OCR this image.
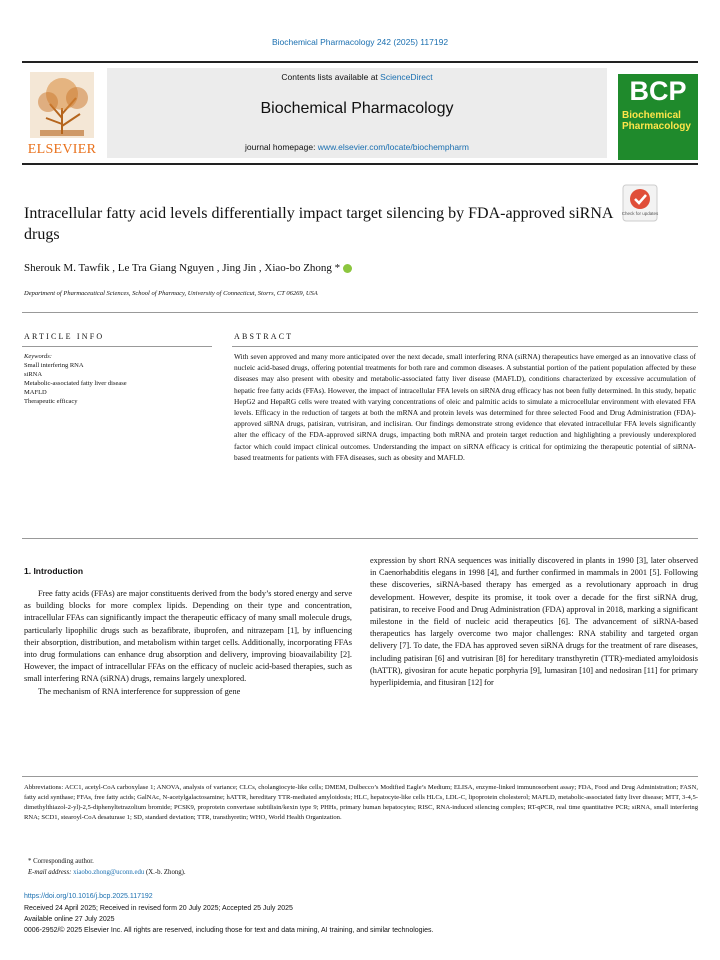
Biochemical Pharmacology 242 (2025) 117192
ELSEVIER
Contents lists available at ScienceDirect
Biochemical Pharmacology
journal homepage: www.elsevier.com/locate/biochempharm
BCP
Biochemical
Pharmacology
Check for updates
Intracellular fatty acid levels differentially impact target silencing by FDA-approved siRNA drugs
Sherouk M. Tawfik , Le Tra Giang Nguyen , Jing Jin , Xiao-bo Zhong *
Department of Pharmaceutical Sciences, School of Pharmacy, University of Connecticut, Storrs, CT 06269, USA
ARTICLE INFO	ABSTRACT
Keywords:
Small interfering RNA
siRNA
Metabolic-associated fatty liver disease
MAFLD
Therapeutic efficacy
With seven approved and many more anticipated over the next decade, small interfering RNA (siRNA) therapeutics have emerged as an innovative class of nucleic acid-based drugs, offering potential treatments for both rare and common diseases. A substantial portion of the patient population affected by these diseases may also present with obesity and metabolic-associated fatty liver disease (MAFLD), conditions characterized by excessive accumulation of hepatic free fatty acids (FFAs). However, the impact of intracellular FFA levels on siRNA drug efficacy has not been fully determined. In this study, hepatic HepG2 and HepaRG cells were treated with varying concentrations of oleic and palmitic acids to simulate a microcellular environment with elevated FFA levels. Efficacy in the reduction of targets at both the mRNA and protein levels was determined for three selected Food and Drug Administration (FDA)-approved siRNA drugs, patisiran, vutrisiran, and inclisiran. Our findings demonstrate strong evidence that elevated intracellular FFA levels significantly alter the efficacy of the FDA-approved siRNA drugs, impacting both mRNA and protein target reduction and highlighting a previously underexplored factor which could impact clinical outcomes. Understanding the impact on siRNA efficacy is critical for optimizing the therapeutic potential of siRNA-based treatments for patients with FFA diseases, such as obesity and MAFLD.
1. Introduction

Free fatty acids (FFAs) are major constituents derived from the body’s stored energy and serve as building blocks for more complex lipids. Depending on their type and concentration, intracellular FFAs can significantly impact the therapeutic efficacy of many small molecule drugs, particularly lipophilic drugs such as bezafibrate, ibuprofen, and nitrazepam [1], by influencing their absorption, distribution, and metabolism within target cells. Additionally, incorporating FFAs into drug formulations can enhance drug absorption and delivery, improving bioavailability [2]. However, the impact of intracellular FFAs on the efficacy of nucleic acid-based therapies, such as small interfering RNA (siRNA) drugs, remains largely unexplored.

The mechanism of RNA interference for suppression of gene

expression by short RNA sequences was initially discovered in plants in 1990 [3], later observed in Caenorhabditis elegans in 1998 [4], and further confirmed in mammals in 2001 [5]. Following these discoveries, siRNA-based therapy has emerged as a revolutionary approach in drug development. However, despite its promise, it took over a decade for the first siRNA drug, patisiran, to receive Food and Drug Administration (FDA) approval in 2018, marking a significant milestone in the field of nucleic acid therapeutics [6]. The advancement of siRNA-based therapeutics has largely overcome two major challenges: RNA stability and targeted organ delivery [7]. To date, the FDA has approved seven siRNA drugs for the treatment of rare diseases, including patisiran [6] and vutrisiran [8] for hereditary transthyretin (TTR)-mediated amyloidosis (hATTR), givosiran for acute hepatic porphyria [9], lumasiran [10] and nedosiran [11] for primary hyperlipidemia, and fitusiran [12] for

Abbreviations: ACC1, acetyl-CoA carboxylase 1; ANOVA, analysis of variance; CLCs, cholangiocyte-like cells; DMEM, Dulbecco’s Modified Eagle’s Medium; ELISA, enzyme-linked immunosorbent assay; FDA, Food and Drug Administration; FASN, fatty acid synthase; FFAs, free fatty acids; GalNAc, N-acetylgalactosamine; hATTR, hereditary TTR-mediated amyloidosis; HLC, hepatocyte-like cells HLCs, LDL-C, lipoprotein cholesterol; MAFLD, metabolic-associated fatty liver disease; MTT, 3-4,5-dimethylthiazol-2-yl)-2,5-diphenyltetrazolium bromide; PCSK9, proprotein convertase subtilisin/kexin type 9; PHHs, primary human hepatocytes; RISC, RNA-induced silencing complex; RT-qPCR, real time quantitative PCR; siRNA, small interfering RNA; SCD1, stearoyl-CoA desaturase 1; SD, standard deviation; TTR, transthyretin; WHO, World Health Organization.
* Corresponding author.
E-mail address: xiaobo.zhong@uconn.edu (X.-b. Zhong).
https://doi.org/10.1016/j.bcp.2025.117192
Received 24 April 2025; Received in revised form 20 July 2025; Accepted 25 July 2025
Available online 27 July 2025
0006-2952/© 2025 Elsevier Inc. All rights are reserved, including those for text and data mining, AI training, and similar technologies.
